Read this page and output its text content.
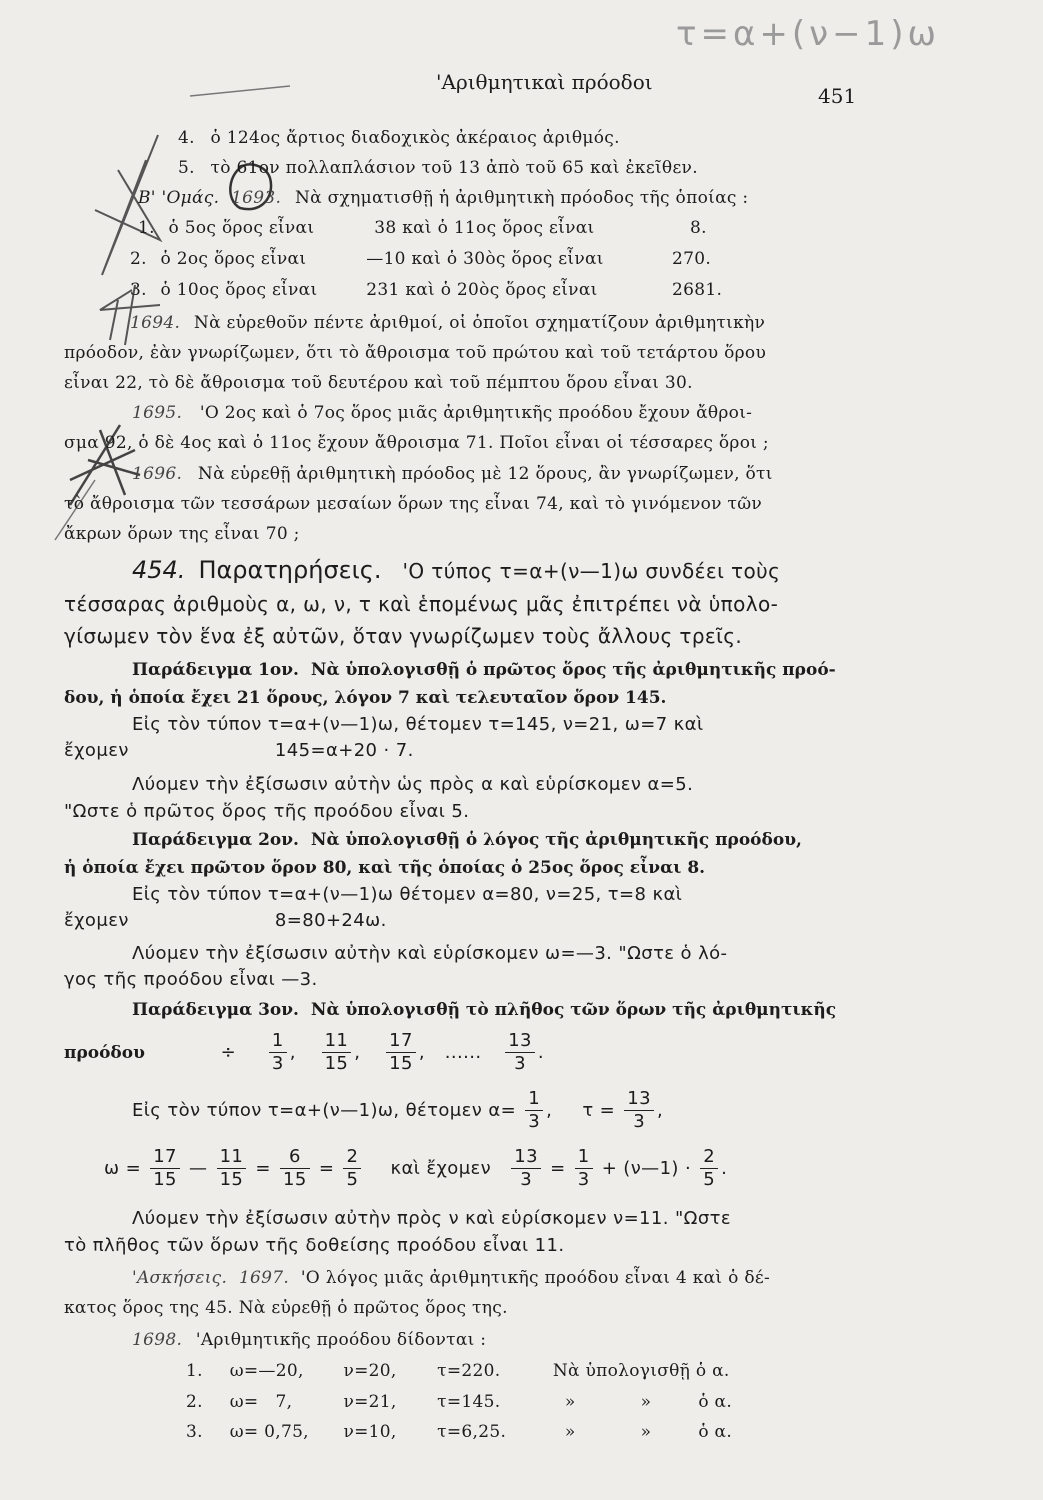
τ=α+(ν−1)ω
'Αριθμητικαὶ πρόοδοι
451
4. ὁ 124ος ἄρτιος διαδοχικὸς ἀκέραιος ἀριθμός.
5. τὸ 61ον πολλαπλάσιον τοῦ 13 ἀπὸ τοῦ 65 καὶ ἐκεῖθεν.
Β' 'Ομάς. 1693. Νὰ σχηματισθῇ ἡ ἀριθμητικὴ πρόοδος τῆς ὁποίας :
1. ὁ 5ος ὅρος εἶναι	38 καὶ ὁ 11ος ὅρος εἶναι	8.
2. ὁ 2ος ὅρος εἶναι	—10 καὶ ὁ 30ὸς ὅρος εἶναι	270.
3. ὁ 10ος ὅρος εἶναι	231 καὶ ὁ 20ὸς ὅρος εἶναι	2681.
1694. Νὰ εὑρεθοῦν πέντε ἀριθμοί, οἱ ὁποῖοι σχηματίζουν ἀριθμητικὴν
πρόοδον, ἐὰν γνωρίζωμεν, ὅτι τὸ ἄθροισμα τοῦ πρώτου καὶ τοῦ τετάρτου ὅρου
εἶναι 22, τὸ δὲ ἄθροισμα τοῦ δευτέρου καὶ τοῦ πέμπτου ὅρου εἶναι 30.
1695. 'Ο 2ος καὶ ὁ 7ος ὅρος μιᾶς ἀριθμητικῆς προόδου ἔχουν ἄθροι-
σμα 92, ὁ δὲ 4ος καὶ ὁ 11ος ἔχουν ἄθροισμα 71. Ποῖοι εἶναι οἱ τέσσαρες ὅροι ;
1696. Νὰ εὑρεθῇ ἀριθμητικὴ πρόοδος μὲ 12 ὅρους, ἂν γνωρίζωμεν, ὅτι
τὸ ἄθροισμα τῶν τεσσάρων μεσαίων ὅρων της εἶναι 74, καὶ τὸ γινόμενον τῶν
ἄκρων ὅρων της εἶναι 70 ;
454. Παρατηρήσεις. 'Ο τύπος τ=α+(ν—1)ω συνδέει τοὺς
τέσσαρας ἀριθμοὺς α, ω, ν, τ καὶ ἑπομένως μᾶς ἐπιτρέπει νὰ ὑπολο-
γίσωμεν τὸν ἕνα ἐξ αὐτῶν, ὅταν γνωρίζωμεν τοὺς ἄλλους τρεῖς.
Παράδειγμα 1ον. Νὰ ὑπολογισθῇ ὁ πρῶτος ὅρος τῆς ἀριθμητικῆς προό-
δου, ἡ ὁποία ἔχει 21 ὅρους, λόγον 7 καὶ τελευταῖον ὅρον 145.
Εἰς τὸν τύπον τ=α+(ν—1)ω, θέτομεν τ=145, ν=21, ω=7 καὶ
ἔχομεν	145=α+20 · 7.
Λύομεν τὴν ἐξίσωσιν αὐτὴν ὡς πρὸς α καὶ εὑρίσκομεν α=5.
"Ωστε ὁ πρῶτος ὅρος τῆς προόδου εἶναι 5.
Παράδειγμα 2ον. Νὰ ὑπολογισθῇ ὁ λόγος τῆς ἀριθμητικῆς προόδου,
ἡ ὁποία ἔχει πρῶτον ὅρον 80, καὶ τῆς ὁποίας ὁ 25ος ὅρος εἶναι 8.
Εἰς τὸν τύπον τ=α+(ν—1)ω θέτομεν α=80, ν=25, τ=8 καὶ
ἔχομεν	8=80+24ω.
Λύομεν τὴν ἐξίσωσιν αὐτὴν καὶ εὑρίσκομεν ω=—3. "Ωστε ὁ λό-
γος τῆς προόδου εἶναι —3.
Παράδειγμα 3ον. Νὰ ὑπολογισθῇ τὸ πλῆθος τῶν ὅρων τῆς ἀριθμητικῆς
προόδου	÷ $\frac{1}{3}$ , $\frac{11}{15}$ , $\frac{17}{15}$ , ...... $\frac{13}{3}$ .
Εἰς τὸν τύπον τ=α+(ν—1)ω, θέτομεν $\alpha= \frac{1}{3}$ , $\tau = \frac{13}{3}$ ,
$\omega = \frac{17}{15}$ — $\frac{11}{15} = \frac{6}{15} = \frac{2}{5}$ καὶ ἔχομεν $\frac{13}{3} = \frac{1}{3}$ + (ν—1) · $\frac{2}{5}$ .
Λύομεν τὴν ἐξίσωσιν αὐτὴν πρὸς ν καὶ εὑρίσκομεν ν=11. "Ωστε
τὸ πλῆθος τῶν ὅρων τῆς δοθείσης προόδου εἶναι 11.
'Ασκήσεις. 1697. 'Ο λόγος μιᾶς ἀριθμητικῆς προόδου εἶναι 4 καὶ ὁ δέ-
κατος ὅρος της 45. Νὰ εὑρεθῇ ὁ πρῶτος ὅρος της.
1698. 'Αριθμητικῆς προόδου δίδονται :
1. ω=—20, ν=20, τ=220.	Νὰ ὑπολογισθῇ ὁ α.
2. ω=   7,	ν=21, τ=145.	»	»	ὁ α.
3. ω= 0,75, ν=10, τ=6,25.	»	»	ὁ α.
